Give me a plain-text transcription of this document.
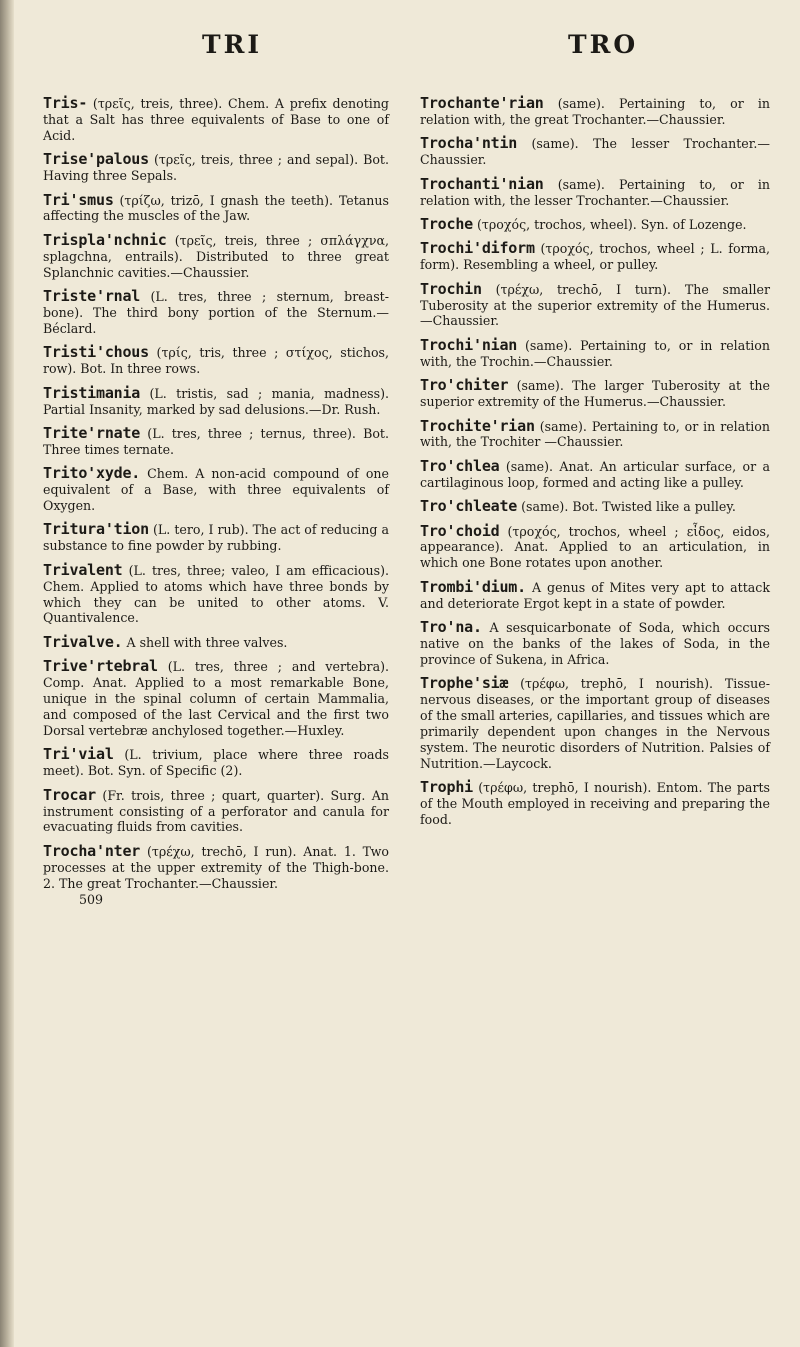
TRI	TRO

Tris- (τρεῖς, treis, three). Chem. A prefix denoting that a Salt has three equivalents of Base to one of Acid.

Trise'palous (τρεῖς, treis, three ; and sepal). Bot. Having three Sepals.

Tri'smus (τρίζω, trizō, I gnash the teeth). Tetanus affecting the muscles of the Jaw.

Trispla'nchnic (τρεῖς, treis, three ; σπλάγχνα, splagchna, entrails). Distributed to three great Splanchnic cavities.—Chaussier.

Triste'rnal (L. tres, three ; sternum, breast-bone). The third bony portion of the Sternum.—Béclard.

Tristi'chous (τρίς, tris, three ; στίχος, stichos, row). Bot. In three rows.

Tristimania (L. tristis, sad ; mania, madness). Partial Insanity, marked by sad delusions.—Dr. Rush.

Trite'rnate (L. tres, three ; ternus, three). Bot. Three times ternate.

Trito'xyde. Chem. A non-acid compound of one equivalent of a Base, with three equivalents of Oxygen.

Tritura'tion (L. tero, I rub). The act of reducing a substance to fine powder by rubbing.

Trivalent (L. tres, three; valeo, I am efficacious). Chem. Applied to atoms which have three bonds by which they can be united to other atoms. V. Quantivalence.

Trivalve. A shell with three valves.

Trive'rtebral (L. tres, three ; and vertebra). Comp. Anat. Applied to a most remarkable Bone, unique in the spinal column of certain Mammalia, and composed of the last Cervical and the first two Dorsal vertebræ anchylosed together.—Huxley.

Tri'vial (L. trivium, place where three roads meet). Bot. Syn. of Specific (2).

Trocar (Fr. trois, three ; quart, quarter). Surg. An instrument consisting of a perforator and canula for evacuating fluids from cavities.

Trocha'nter (τρέχω, trechō, I run). Anat. 1. Two processes at the upper extremity of the Thigh-bone. 2. The great Trochanter.—Chaussier.

509

Trochante'rian (same). Pertaining to, or in relation with, the great Trochanter.—Chaussier.

Trocha'ntin (same). The lesser Trochanter.—Chaussier.

Trochanti'nian (same). Pertaining to, or in relation with, the lesser Trochanter.—Chaussier.

Troche (τροχός, trochos, wheel). Syn. of Lozenge.

Trochi'diform (τροχός, trochos, wheel ; L. forma, form). Resembling a wheel, or pulley.

Trochin (τρέχω, trechō, I turn). The smaller Tuberosity at the superior extremity of the Humerus.—Chaussier.

Trochi'nian (same). Pertaining to, or in relation with, the Trochin.—Chaussier.

Tro'chiter (same). The larger Tuberosity at the superior extremity of the Humerus.—Chaussier.

Trochite'rian (same). Pertaining to, or in relation with, the Trochiter —Chaussier.

Tro'chlea (same). Anat. An articular surface, or a cartilaginous loop, formed and acting like a pulley.

Tro'chleate (same). Bot. Twisted like a pulley.

Tro'choid (τροχός, trochos, wheel ; εἶδος, eidos, appearance). Anat. Applied to an articulation, in which one Bone rotates upon another.

Trombi'dium. A genus of Mites very apt to attack and deteriorate Ergot kept in a state of powder.

Tro'na. A sesquicarbonate of Soda, which occurs native on the banks of the lakes of Soda, in the province of Sukena, in Africa.

Trophe'siæ (τρέφω, trephō, I nourish). Tissue-nervous diseases, or the important group of diseases of the small arteries, capillaries, and tissues which are primarily dependent upon changes in the Nervous system. The neurotic disorders of Nutrition. Palsies of Nutrition.—Laycock.

Trophi (τρέφω, trephō, I nourish). Entom. The parts of the Mouth employed in receiving and preparing the food.
